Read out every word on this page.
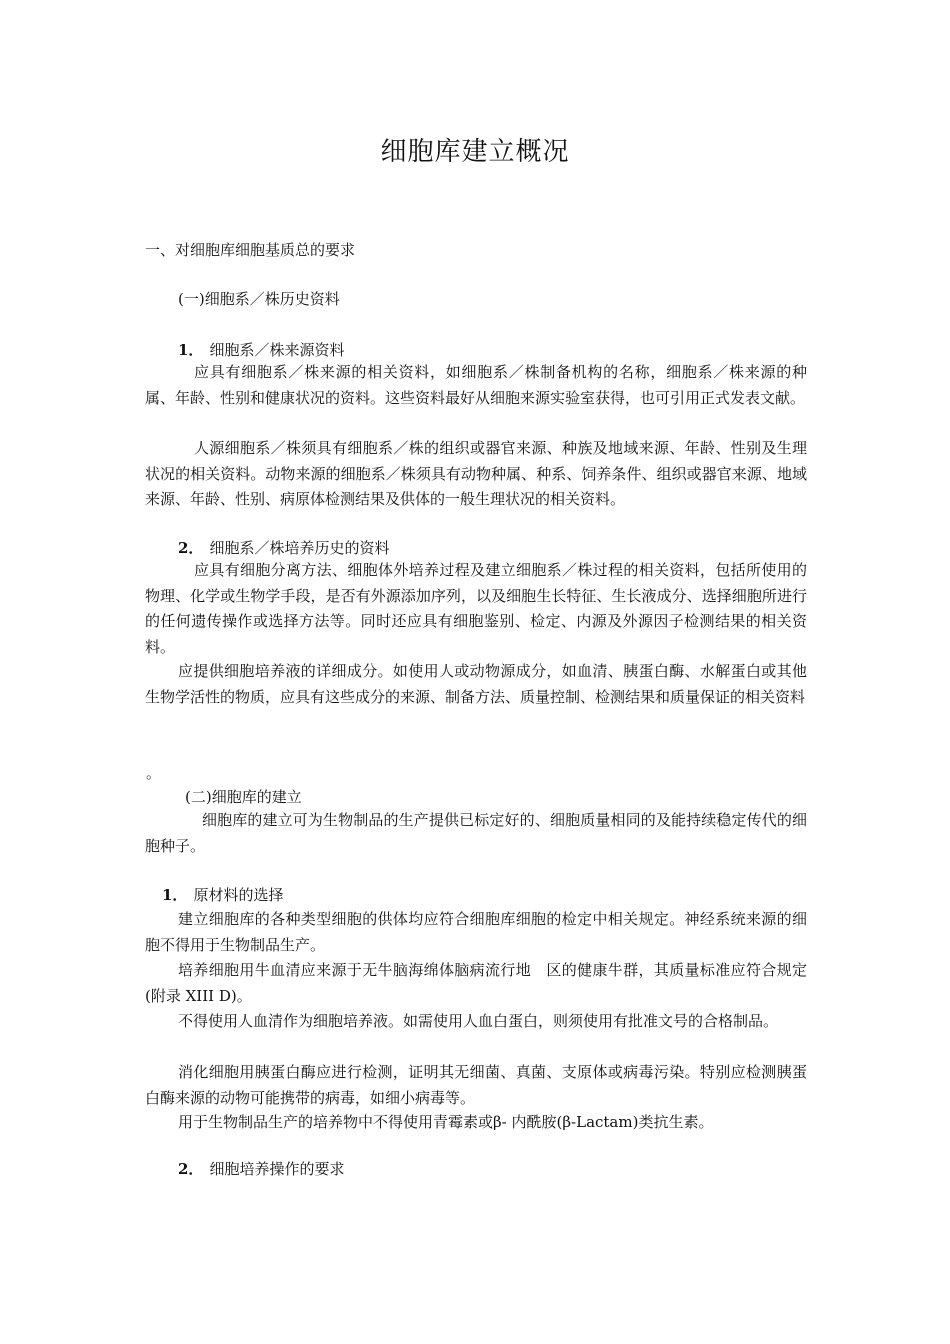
细胞库建立概况
一、对细胞库细胞基质总的要求
(一)细胞系／株历史资料
1． 细胞系／株来源资料
应具有细胞系／株来源的相关资料，如细胞系／株制备机构的名称，细胞系／株来源的种属、年龄、性别和健康状况的资料。这些资料最好从细胞来源实验室获得，也可引用正式发表文献。
人源细胞系／株须具有细胞系／株的组织或器官来源、种族及地域来源、年龄、性别及生理状况的相关资料。动物来源的细胞系／株须具有动物种属、种系、饲养条件、组织或器官来源、地域来源、年龄、性别、病原体检测结果及供体的一般生理状况的相关资料。
2． 细胞系／株培养历史的资料
应具有细胞分离方法、细胞体外培养过程及建立细胞系／株过程的相关资料，包括所使用的物理、化学或生物学手段，是否有外源添加序列，以及细胞生长特征、生长液成分、选择细胞所进行的任何遗传操作或选择方法等。同时还应具有细胞鉴别、检定、内源及外源因子检测结果的相关资料。
应提供细胞培养液的详细成分。如使用人或动物源成分，如血清、胰蛋白酶、水解蛋白或其他生物学活性的物质，应具有这些成分的来源、制备方法、质量控制、检测结果和质量保证的相关资料
。
(二)细胞库的建立
细胞库的建立可为生物制品的生产提供已标定好的、细胞质量相同的及能持续稳定传代的细胞种子。
1． 原材料的选择
建立细胞库的各种类型细胞的供体均应符合细胞库细胞的检定中相关规定。神经系统来源的细胞不得用于生物制品生产。
培养细胞用牛血清应来源于无牛脑海绵体脑病流行地　区的健康牛群，其质量标准应符合规定(附录 XIII D)。
不得使用人血清作为细胞培养液。如需使用人血白蛋白，则须使用有批准文号的合格制品。
消化细胞用胰蛋白酶应进行检测，证明其无细菌、真菌、支原体或病毒污染。特别应检测胰蛋白酶来源的动物可能携带的病毒，如细小病毒等。
用于生物制品生产的培养物中不得使用青霉素或β- 内酰胺(β-Lactam)类抗生素。
2． 细胞培养操作的要求
